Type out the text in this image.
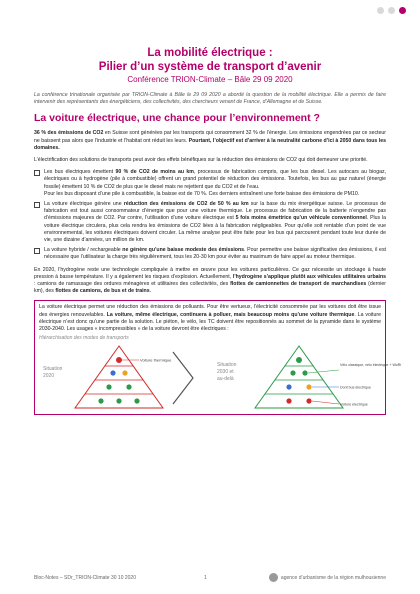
La mobilité électrique :
Pilier d’un système de transport d’avenir
Conférence TRION-Climate – Bâle 29 09 2020

La conférence trinationale organisée par TRION-Climate à Bâle le 29 09 2020 a abordé la question de la mobilité électrique. Elle a permis de faire intervenir des représentants des énergéticiens, des collectivités, des chercheurs venant de France, d’Allemagne et de Suisse.

La voiture électrique, une chance pour l’environnement ?

36 % des émissions de CO2 en Suisse sont générées par les transports qui consomment 32 % de l’énergie. Les émissions engendrées par ce secteur ne baissent pas alors que l’industrie et l’habitat ont réduit les leurs. Pourtant, l’objectif est d’arriver à la neutralité carbone d’ici à 2050 dans tous les domaines.

L’électrification des solutions de transports peut avoir des effets bénéfiques sur la réduction des émissions de CO2 qui doit demeurer une priorité.

Les bus électriques émettent 90 % de CO2 de moins au km, processus de fabrication compris, que les bus diesel. Les autocars au biogaz, électriques ou à hydrogène (pile à combustible) offrent un grand potentiel de réduction des émissions. Toutefois, les bus au gaz naturel (énergie fossile) émettent 10 % de CO2 de plus que le diesel mais ne rejettent que du CO2 et de l’eau.
Pour les bus disposant d’une pile à combustible, la baisse est de 70 %. Ces derniers entraînent une forte baisse des émissions de PM10.
La voiture électrique génère une réduction des émissions de CO2 de 50 % au km sur la base du mix énergétique suisse. Le processus de fabrication est tout aussi consommateur d’énergie que pour une voiture thermique. Le processus de fabrication de la batterie n’engendre pas d’émissions majeures de CO2. Par contre, l’utilisation d’une voiture électrique est 5 fois moins émettrice qu’un véhicule conventionnel. Plus la voiture électrique circulera, plus cela rendra les émissions de CO2 liées à la fabrication négligeables. Pour qu’elle soit rentable d’un point de vue environnemental, les voitures électriques doivent circuler. La même analyse peut être faite pour les bus qui parcourent pendant toute leur durée de vie, une dizaine d’années, un million de km.
La voiture hybride / rechargeable ne génère qu’une baisse modeste des émissions. Pour permettre une baisse significative des émissions, il est nécessaire que l’utilisateur la charge très régulièrement, tous les 20-30 km pour éviter au maximum de faire appel au moteur thermique.

En 2020, l’hydrogène reste une technologie compliquée à mettre en œuvre pour les voitures particulières. Ce gaz nécessite un stockage à haute pression à basse température. Il y a également les risques d’explosion. Actuellement, l’hydrogène s’applique plutôt aux véhicules utilitaires urbains : camions de ramassage des ordures ménagères et utilitaires des collectivités, des flottes de camionnettes de transport de marchandises (dernier km), des flottes de camions, de bus et de trains.

La voiture électrique permet une réduction des émissions de polluants. Pour être vertueux, l’électricité consommée par les voitures doit être issue des énergies renouvelables. La voiture, même électrique, continuera à polluer, mais beaucoup moins qu’une voiture thermique. La voiture électrique n’est donc qu’une partie de la solution. Le piéton, le vélo, les TC doivent être repositionnés au sommet de la pyramide dans le système 2030-2040. Les usages « incompressibles » de la voiture devront être électriques :

Hiérarchisation des modes de transports
Situation
2020
Voiture thermique
Situation
2030 et
au-delà
Vélo classique, vélo électrique + WoRi
Dont bus électrique
Voiture électrique
Bloc-Notes – SDr_TRION-Climate 30 10 2020	1	agence d’urbanisme de la région mulhousienne
